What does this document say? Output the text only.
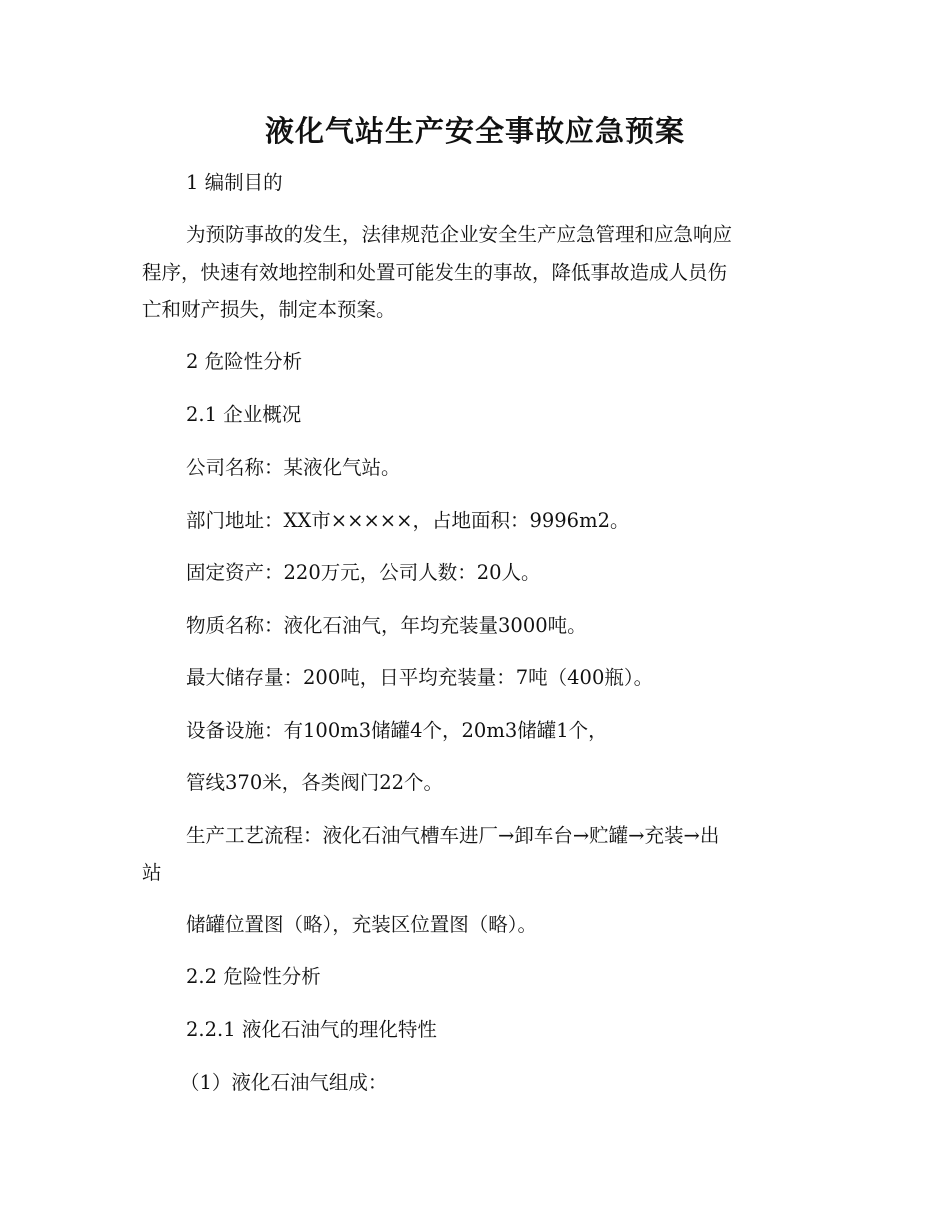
液化气站生产安全事故应急预案
1 编制目的
为预防事故的发生，法律规范企业安全生产应急管理和应急响应
程序，快速有效地控制和处置可能发生的事故，降低事故造成人员伤
亡和财产损失，制定本预案。
2 危险性分析
2.1 企业概况
公司名称：某液化气站。
部门地址：XX市×××××，占地面积：9996m2。
固定资产：220万元，公司人数：20人。
物质名称：液化石油气，年均充装量3000吨。
最大储存量：200吨，日平均充装量：7吨（400瓶）。
设备设施：有100m3储罐4个，20m3储罐1个，
管线370米，各类阀门22个。
生产工艺流程：液化石油气槽车进厂→卸车台→贮罐→充装→出
站
储罐位置图（略），充装区位置图（略）。
2.2 危险性分析
2.2.1 液化石油气的理化特性
（1）液化石油气组成：
